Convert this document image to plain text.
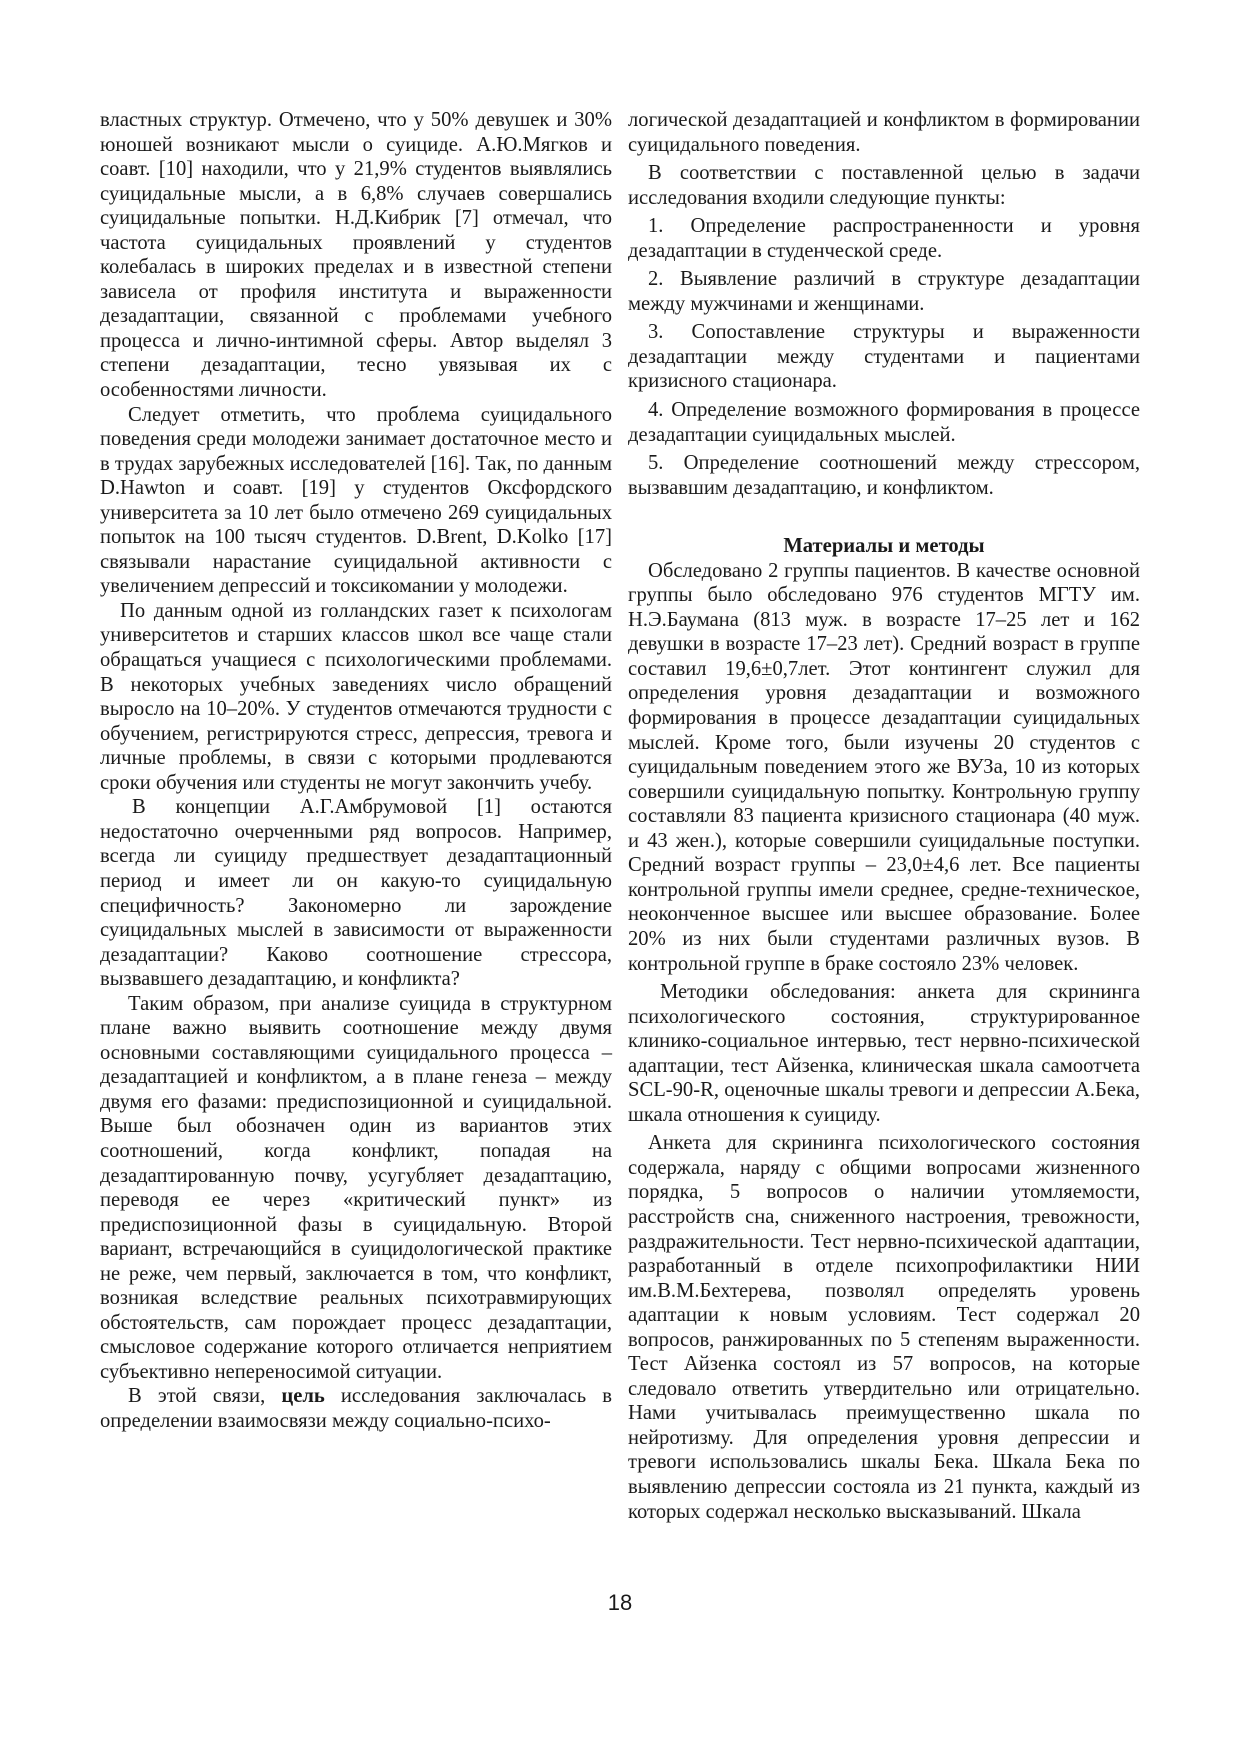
властных структур. Отмечено, что у 50% девушек и 30% юношей возникают мысли о суициде. А.Ю.Мягков и соавт. [10] находили, что у 21,9% студентов выявлялись суицидальные мысли, а в 6,8% случаев совершались суицидальные попытки. Н.Д.Кибрик [7] отмечал, что частота суицидальных проявлений у студентов колебалась в широких пределах и в известной степени зависела от профиля института и выраженности дезадаптации, связанной с проблемами учебного процесса и лично-интимной сферы. Автор выделял 3 степени дезадаптации, тесно увязывая их с особенностями личности.

Следует отметить, что проблема суицидального поведения среди молодежи занимает достаточное место и в трудах зарубежных исследователей [16]. Так, по данным D.Hawton и соавт. [19] у студентов Оксфордского университета за 10 лет было отмечено 269 суицидальных попыток на 100 тысяч студентов. D.Brent, D.Kolko [17] связывали нарастание суицидальной активности с увеличением депрессий и токсикомании у молодежи.

По данным одной из голландских газет к психологам университетов и старших классов школ все чаще стали обращаться учащиеся с психологическими проблемами. В некоторых учебных заведениях число обращений выросло на 10–20%. У студентов отмечаются трудности с обучением, регистрируются стресс, депрессия, тревога и личные проблемы, в связи с которыми продлеваются сроки обучения или студенты не могут закончить учебу.

В концепции А.Г.Амбрумовой [1] остаются недостаточно очерченными ряд вопросов. Например, всегда ли суициду предшествует дезадаптационный период и имеет ли он какую-то суицидальную специфичность? Закономерно ли зарождение суицидальных мыслей в зависимости от выраженности дезадаптации? Каково соотношение стрессора, вызвавшего дезадаптацию, и конфликта?

Таким образом, при анализе суицида в структурном плане важно выявить соотношение между двумя основными составляющими суицидального процесса – дезадаптацией и конфликтом, а в плане генеза – между двумя его фазами: предиспозиционной и суицидальной. Выше был обозначен один из вариантов этих соотношений, когда конфликт, попадая на дезадаптированную почву, усугубляет дезадаптацию, переводя ее через «критический пункт» из предиспозиционной фазы в суицидальную. Второй вариант, встречающийся в суицидологической практике не реже, чем первый, заключается в том, что конфликт, возникая вследствие реальных психотравмирующих обстоятельств, сам порождает процесс дезадаптации, смысловое содержание которого отличается неприятием субъективно непереносимой ситуации.

В этой связи, цель исследования заключалась в определении взаимосвязи между социально-психо-

логической дезадаптацией и конфликтом в формировании суицидального поведения.

В соответствии с поставленной целью в задачи исследования входили следующие пункты:

1. Определение распространенности и уровня дезадаптации в студенческой среде.

2. Выявление различий в структуре дезадаптации между мужчинами и женщинами.

3. Сопоставление структуры и выраженности дезадаптации между студентами и пациентами кризисного стационара.

4. Определение возможного формирования в процессе дезадаптации суицидальных мыслей.

5. Определение соотношений между стрессором, вызвавшим дезадаптацию, и конфликтом.

Материалы и методы

Обследовано 2 группы пациентов. В качестве основной группы было обследовано 976 студентов МГТУ им. Н.Э.Баумана (813 муж. в возрасте 17–25 лет и 162 девушки в возрасте 17–23 лет). Средний возраст в группе составил 19,6±0,7лет. Этот контингент служил для определения уровня дезадаптации и возможного формирования в процессе дезадаптации суицидальных мыслей. Кроме того, были изучены 20 студентов с суицидальным поведением этого же ВУЗа, 10 из которых совершили суицидальную попытку. Контрольную группу составляли 83 пациента кризисного стационара (40 муж. и 43 жен.), которые совершили суицидальные поступки. Средний возраст группы – 23,0±4,6 лет. Все пациенты контрольной группы имели среднее, средне-техническое, неоконченное высшее или высшее образование. Более 20% из них были студентами различных вузов. В контрольной группе в браке состояло 23% человек.

Методики обследования: анкета для скрининга психологического состояния, структурированное клинико-социальное интервью, тест нервно-психической адаптации, тест Айзенка, клиническая шкала самоотчета SCL-90-R, оценочные шкалы тревоги и депрессии А.Бека, шкала отношения к суициду.

Анкета для скрининга психологического состояния содержала, наряду с общими вопросами жизненного порядка, 5 вопросов о наличии утомляемости, расстройств сна, сниженного настроения, тревожности, раздражительности. Тест нервно-психической адаптации, разработанный в отделе психопрофилактики НИИ им.В.М.Бехтерева, позволял определять уровень адаптации к новым условиям. Тест содержал 20 вопросов, ранжированных по 5 степеням выраженности. Тест Айзенка состоял из 57 вопросов, на которые следовало ответить утвердительно или отрицательно. Нами учитывалась преимущественно шкала по нейротизму. Для определения уровня депрессии и тревоги использовались шкалы Бека. Шкала Бека по выявлению депрессии состояла из 21 пункта, каждый из которых содержал несколько высказываний. Шкала

18
